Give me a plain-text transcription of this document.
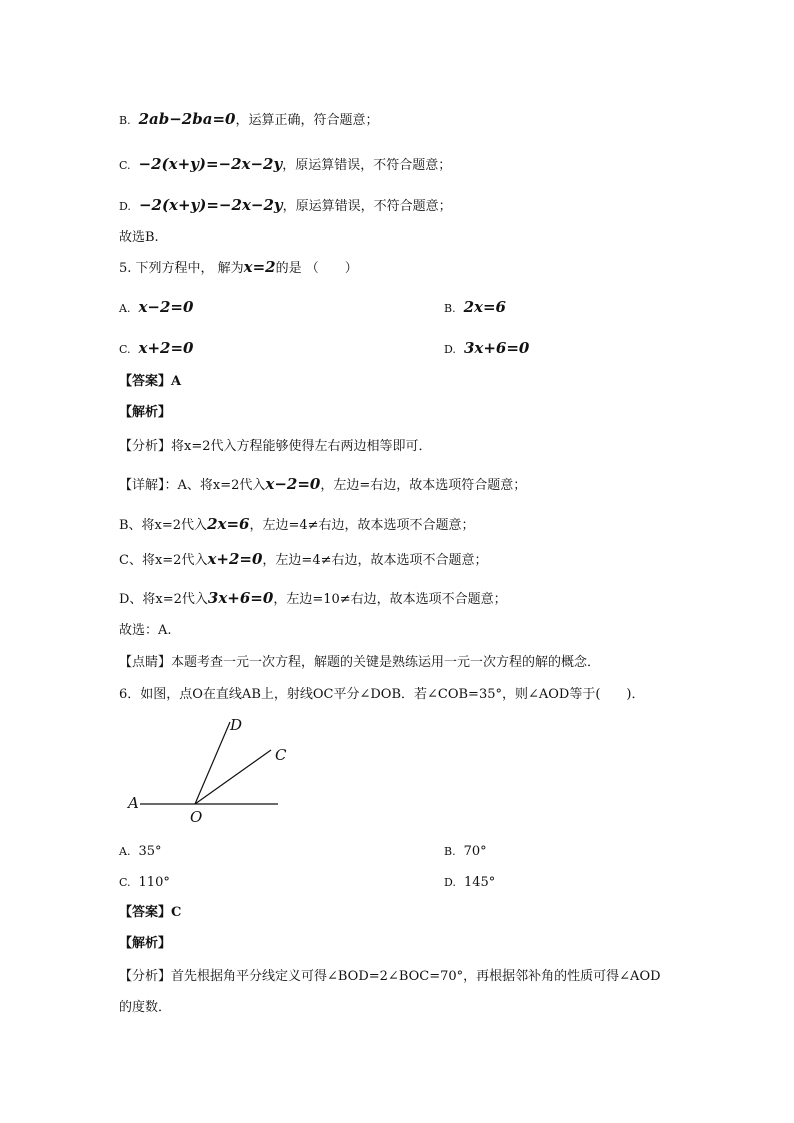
B. 2ab−2ba=0，运算正确，符合题意；
C. −2(x+y)=−2x−2y，原运算错误，不符合题意；
D. −2(x+y)=−2x−2y，原运算错误，不符合题意；
故选B.
5. 下列方程中， 解为x=2的是 （　　）
A. x−2=0	B. 2x=6
C. x+2=0	D. 3x+6=0
【答案】A
【解析】
【分析】将x=2代入方程能够使得左右两边相等即可．
【详解】：A、将x=2代入x−2=0，左边=右边，故本选项符合题意；
B、将x=2代入2x=6，左边=4≠右边，故本选项不合题意；
C、将x=2代入x+2=0，左边=4≠右边，故本选项不合题意；
D、将x=2代入3x+6=0，左边=10≠右边，故本选项不合题意；
故选：A.
【点睛】本题考查一元一次方程，解题的关键是熟练运用一元一次方程的解的概念．
6．如图，点O在直线AB上，射线OC平分∠DOB．若∠COB=35°，则∠AOD等于(　　)．
A
O
C
D
A. 35°	B. 70°
C. 110°	D. 145°
【答案】C
【解析】
【分析】首先根据角平分线定义可得∠BOD=2∠BOC=70°，再根据邻补角的性质可得∠AOD
的度数．
